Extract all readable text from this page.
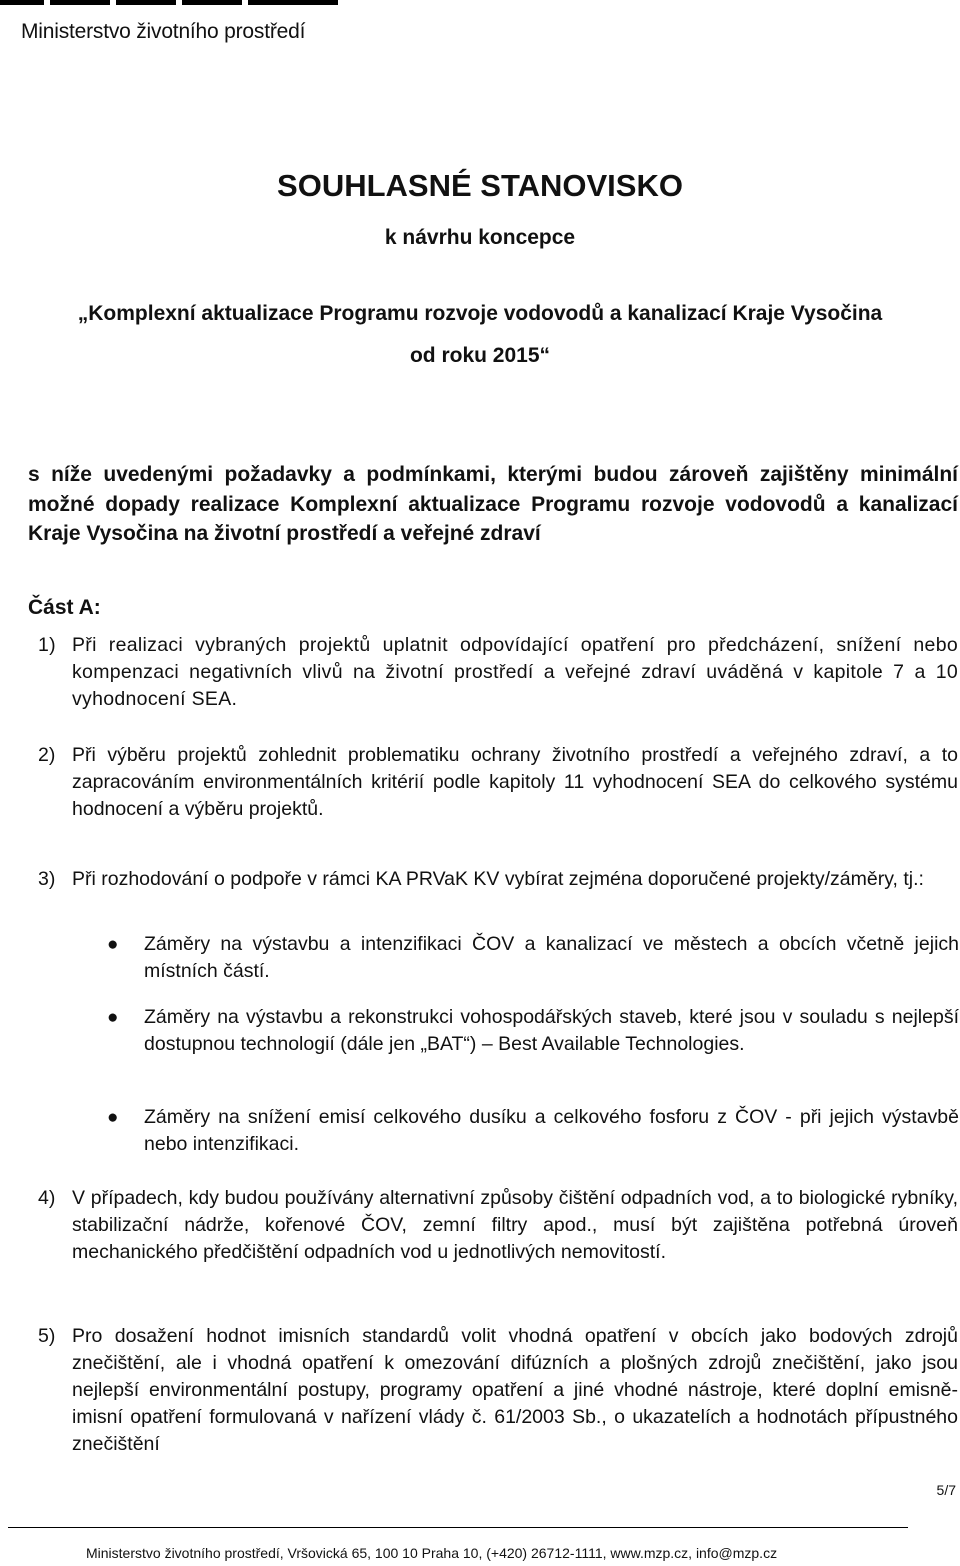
Ministerstvo životního prostředí
SOUHLASNÉ STANOVISKO
k návrhu koncepce
„Komplexní aktualizace Programu rozvoje vodovodů a kanalizací Kraje Vysočina
od roku 2015“
s níže uvedenými požadavky a podmínkami, kterými budou zároveň zajištěny minimální možné dopady realizace Komplexní aktualizace Programu rozvoje vodovodů a kanalizací Kraje Vysočina na životní prostředí a veřejné zdraví
Část A:
1) Při realizaci vybraných projektů uplatnit odpovídající opatření pro předcházení, snížení nebo kompenzaci negativních vlivů na životní prostředí a veřejné zdraví uváděná v kapitole 7 a 10 vyhodnocení SEA.
2) Při výběru projektů zohlednit problematiku ochrany životního prostředí a veřejného zdraví, a to zapracováním environmentálních kritérií podle kapitoly 11 vyhodnocení SEA do celkového systému hodnocení a výběru projektů.
3) Při rozhodování o podpoře v rámci KA PRVaK KV vybírat zejména doporučené projekty/záměry, tj.:
●	Záměry na výstavbu a intenzifikaci ČOV a kanalizací ve městech a obcích včetně jejich místních částí.
●	Záměry na výstavbu a rekonstrukci vohospodářských staveb, které jsou v souladu s nejlepší dostupnou technologií (dále jen „BAT“) – Best Available Technologies.
●	Záměry na snížení emisí celkového dusíku a celkového fosforu z ČOV - při jejich výstavbě nebo intenzifikaci.
4) V případech, kdy budou používány alternativní způsoby čištění odpadních vod, a to biologické rybníky, stabilizační nádrže, kořenové ČOV, zemní filtry apod., musí být zajištěna potřebná úroveň mechanického předčištění odpadních vod u jednotlivých nemovitostí.
5) Pro dosažení hodnot imisních standardů volit vhodná opatření v obcích jako bodových zdrojů znečištění, ale i vhodná opatření k omezování difúzních a plošných zdrojů znečištění, jako jsou nejlepší environmentální postupy, programy opatření a jiné vhodné nástroje, které doplní emisně-imisní opatření formulovaná v nařízení vlády č. 61/2003 Sb., o ukazatelích a hodnotách přípustného znečištění
5/7
Ministerstvo životního prostředí, Vršovická 65, 100 10 Praha 10, (+420) 26712-1111, www.mzp.cz, info@mzp.cz
